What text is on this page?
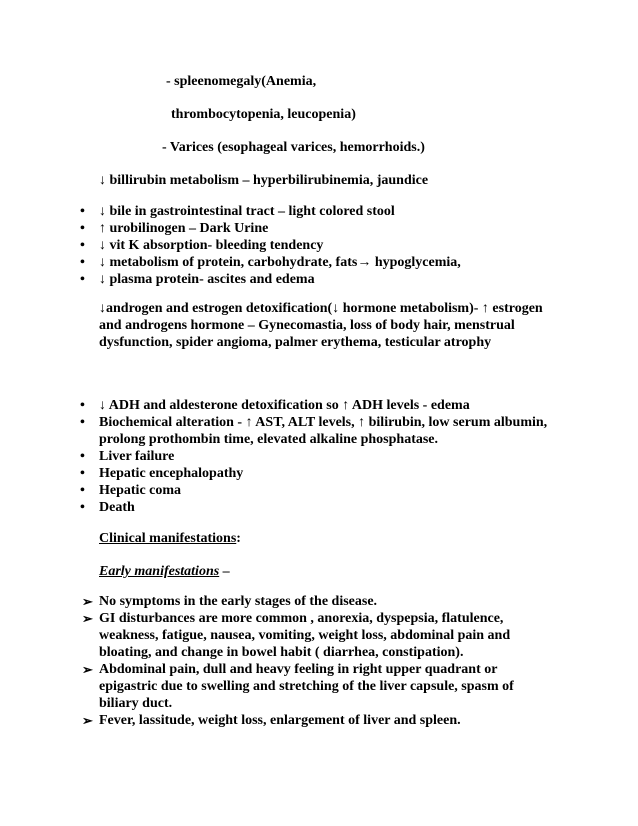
- spleenomegaly(Anemia,
thrombocytopenia, leucopenia)
- Varices (esophageal varices, hemorrhoids.)
↓ billirubin metabolism – hyperbilirubinemia, jaundice
• ↓ bile in gastrointestinal tract – light colored stool
• ↑ urobilinogen – Dark Urine
• ↓ vit K absorption- bleeding tendency
• ↓ metabolism of protein, carbohydrate, fats→ hypoglycemia,
• ↓ plasma protein- ascites and edema
↓androgen and estrogen detoxification(↓ hormone metabolism)- ↑ estrogen
and androgens hormone – Gynecomastia, loss of body hair, menstrual
dysfunction, spider angioma, palmer erythema, testicular atrophy
• ↓ ADH and aldesterone detoxification so ↑ ADH levels - edema
• Biochemical alteration - ↑ AST, ALT levels, ↑ bilirubin, low serum albumin,
prolong prothombin time, elevated alkaline phosphatase.
• Liver failure
• Hepatic encephalopathy
• Hepatic coma
• Death
Clinical manifestations:
Early manifestations –
➢ No symptoms in the early stages of the disease.
➢ GI disturbances are more common , anorexia, dyspepsia, flatulence,
weakness, fatigue, nausea, vomiting, weight loss, abdominal pain and
bloating, and change in bowel habit ( diarrhea, constipation).
➢ Abdominal pain, dull and heavy feeling in right upper quadrant or
epigastric due to swelling and stretching of the liver capsule, spasm of
biliary duct.
➢ Fever, lassitude, weight loss, enlargement of liver and spleen.
